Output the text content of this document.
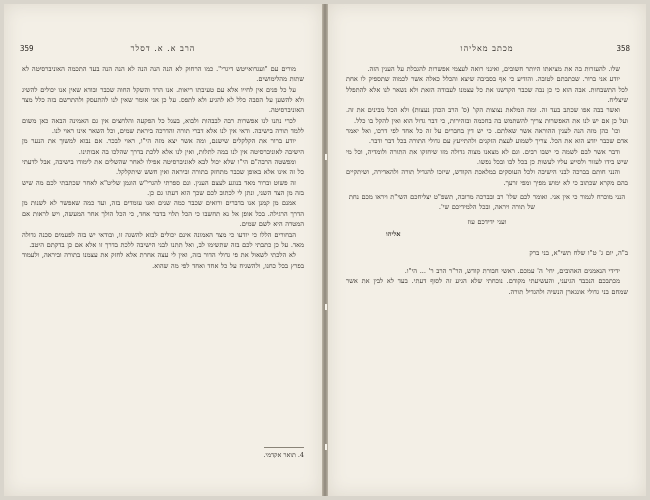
359	הרב א. א. דסלר

מורים עם "ועגדואייטש דיגרי". כמו הרחוק לא הנה הנה הנה לא הנה הנה בעד התכמה האוניברסיטה לא שתות מהלימושים.

על כל פנים אין לחייו אלא עם טעיבתו ריאות. אנו הרד והשקל החוה שכבר ובודא שאין אנו יכולים להשיג ולא להשען על הסבה כלל לא להגיע ולא לתפס. על כן אני אומר שאין לנו להתעסק ולהתרשם בזה כלל מצד האוניברסיטה.

לכרי נתנו לנו אפשרות רבה לבבהות ולבוא, בעגל כל הפקעה והלחצים אין גם האמינה הבאה כאן משום ללמד תורה בישיבה. ודאי אין לנו אלא דברי תורה והדרכה ביראת שמים, וכל השאר אינו ראוי לנו.

יודע ברור את הקלקלים שישנם, ומה אשר יצא מזה הי"ו, ראוי לבכר. אם נבוא למשוך את הנער מן הישיבה לאוניברסיטה אין לנו במה לתלות, ואין לנו אלא ללכת בדרך שהלכו בה אבותינו.

ומפשטה הרבה"ם הי"ו שלא יכול לבא לאוניברסיטה אפילו לאחר שהשלים את לימודו בישיבה, אבל לדעתי כל זה אינו אלא באופן שכבר מתחזק בתורה וביראה ואין חשש שיתקלקל.

זה פשוט וברור מאד בנוגע לעצם הענין. ונם ספרתי להגרי"ש הוגמן שליט"א לאחר שכתבתי לכם מה שיש בזה מן הצד השני, ונתן לי לכתוב לכם שכך הוא דעתו גם כן.

אמנם מן קמנן אנו בדברים ורואים שכבר כמה שנים ואנו עומדים בזה, ועד כמה שאפשר לא לשנות מן הדרך הרגילה. בכל אופן אל נא תחשבו כי הכל תלוי בדבר אחד, כי הכל הולך אחר המעשה, ויש לראות אם המטרה היא לשם שמים.

הבחורים הללו כי יודעו כי מצד האמונה אינם יכולים לבוא להשגה זו, ובודאי יש בזה לפעמים סכנה גדולה מאד. על כן כתבתי לכם בזה שתשימו לב, ואל תתנו לבני הישיבה ללכת בדרך זו אלא אם כן בדקתם היטב.

לא הלכתי לשאול את פי גדולי הדור בזה, ואין לי עצה אחרת אלא לחזק את עצמנו בתורה וביראה, ולעמוד בפרץ בכל כחנו, ולהשגיח על כל אחד ואחד לפי מה שהוא.

4. תואר אקדמי.
358
מכתב מאליהו

שלו. להעזרות בה את מציאתו היותר חשובים, ואינני רואה לעצמי אפשרות להגבלת על הענין הזה.

יודע אני ברור. שכתבתם לטובה. והודיע כי אף בסביבה שיצא והכלל כאלה אשר לכמוה שתספיק לו אחת לכל התשבחות. אבה הוא כי כן נבה שכבר הקדשנו את כל עצמנו לעבודה הזאת ולא נשאר לנו אלא להתפלל שיצליח.

ואשר בבה אפו שכתב בעד זה. ומה המלאת נצוצות הקו' (ס' הרב הכהן נעצות) ולא הכל מבינים את זה. ועל כן אם יש לנו את האפשרות צריך להשתמש בה בחכמה ובזהירות, כי דבר גדול הוא ואין להקל בו כלל.

וכו' כהן מזה הנה לענין ההוראה אשר שאלתם. כי יש דין בחברים על זה כל אחד לפי דרכו, ואל יאמר אדם שכבר יודע הוא את הכל. צריך לשמוע לעצת הזקנים ולהתייעץ עם גדולי התורה בכל דבר ודבר.

ודבר אשר לבם לשמה כי ישבו רבים. וגם לא מצאנו מצוה גדולה מזו שיחזקו את התורה ולומדיה, וכל מי שיש בידו לעזור ולסייע עליו לעשות כן בכל לבו ובכל נפשו.

והנני חותם בברכה לבני הישיבה ולכל העוסקים במלאכת הקודש, שיזכו להגדיל תורה ולהאדירה, ושיתקיים בהם מקרא שכתוב כי לא ימוש מפיך ומפי זרעך.

הנני מוכרח לגמור כי אין אני. ואומר לכם שלו' רב ובברכה מרובה, תשפ"ט יצליחכם השי"ת ויראו מכם נחת של תורה ויראה, ובכל הלמידיכם שי'.

ועני ידידכם עוז

אליהו

ב"ה, יום ג' ט"ו שלח תשי"א, בני ברק

ידידי הנאמנים האהובים, יחי' ה' עמכם. ראשי חבורת קודש, הר"ר הרב ר' ... הי"ו.

מכתבכם הנכבד הגיעני, והעשיעתי מקודם. נוכחתי שלא הגיע זה לסוף דעתי. בעד לא לבין את אשר שמחם בני גדולי אונגארן הנשיה ולהגדיל תורה.
